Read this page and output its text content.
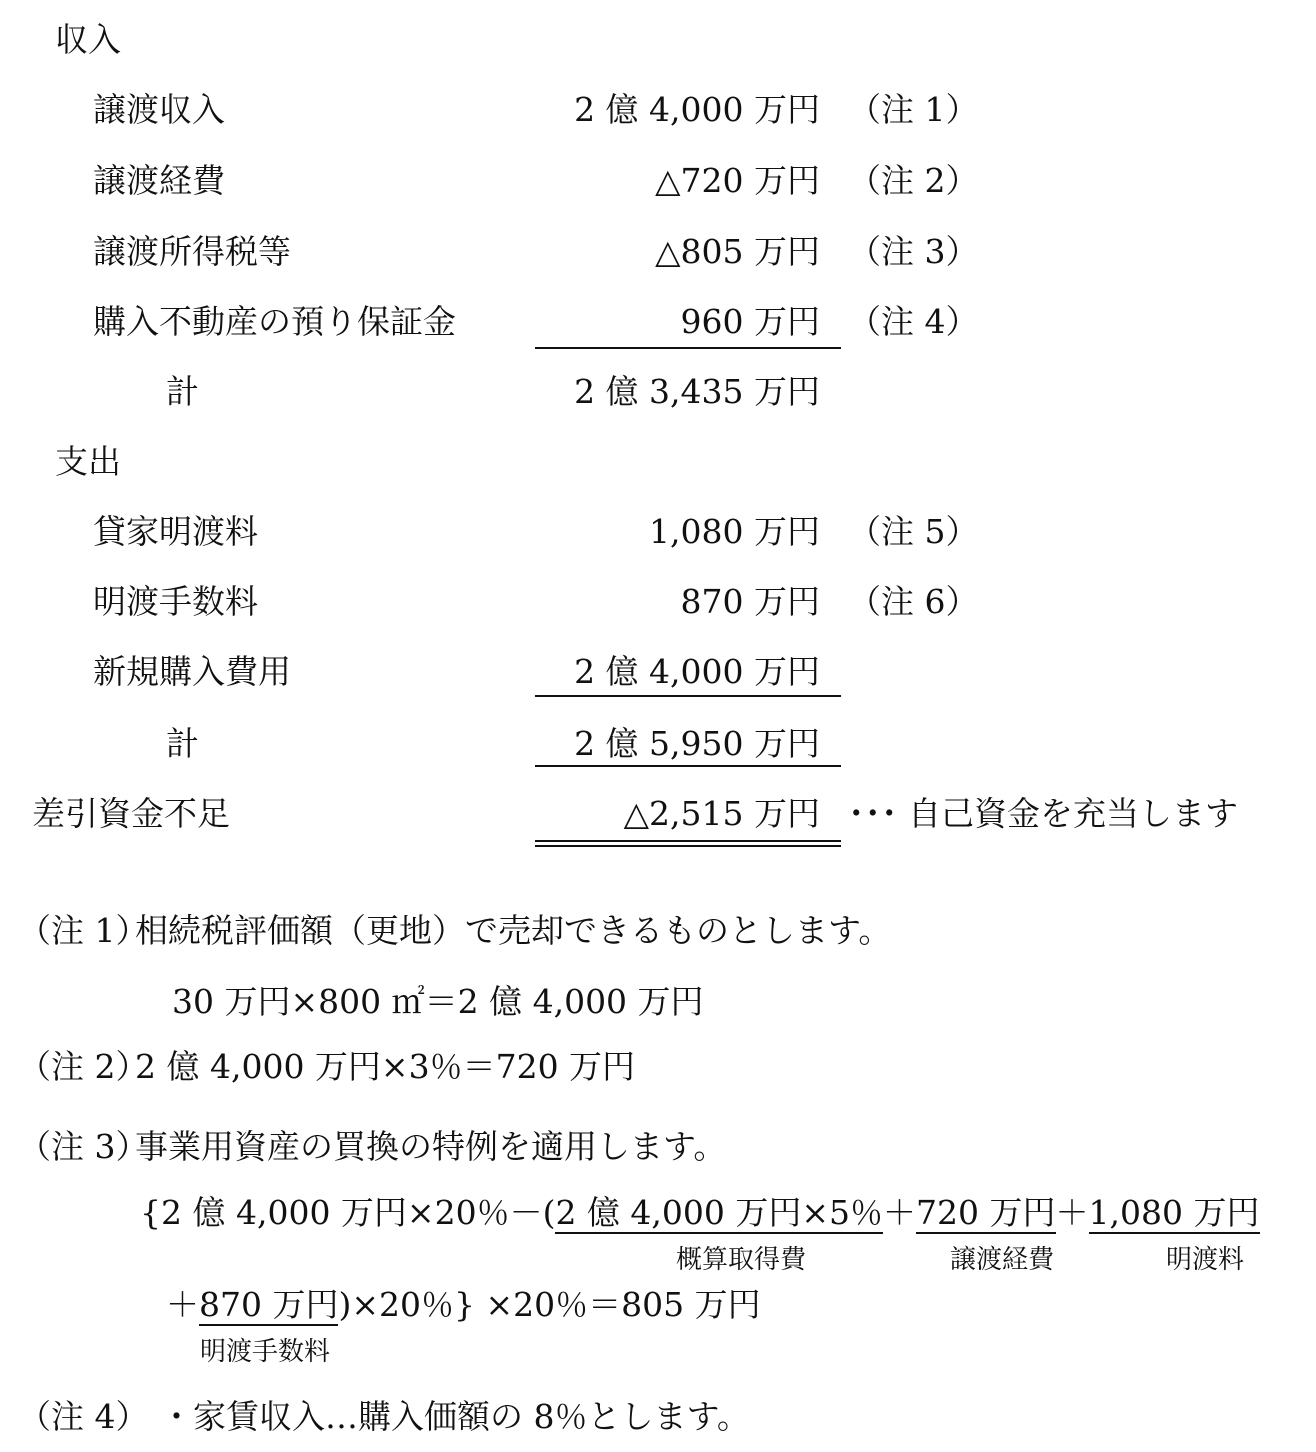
収入
譲渡収入	2 億 4,000 万円 （注 1）
譲渡経費	△720 万円 （注 2）
譲渡所得税等	△805 万円 （注 3）
購入不動産の預り保証金	960 万円 （注 4）
計	2 億 3,435 万円
支出
貸家明渡料	1,080 万円 （注 5）
明渡手数料	870 万円 （注 6）
新規購入費用	2 億 4,000 万円
計	2 億 5,950 万円
差引資金不足	△2,515 万円 ･･･ 自己資金を充当します
（注 1）
相続税評価額（更地）で売却できるものとします。
30 万円×800 ㎡＝2 億 4,000 万円
（注 2）
2 億 4,000 万円×3％＝720 万円
（注 3）
事業用資産の買換の特例を適用します。
{2 億 4,000 万円×20％－(2 億 4,000 万円×5％＋720 万円＋1,080 万円
概算取得費	譲渡経費	明渡料
＋870 万円)×20％} ×20％＝805 万円
明渡手数料
（注 4） ・家賃収入…購入価額の 8％とします。
